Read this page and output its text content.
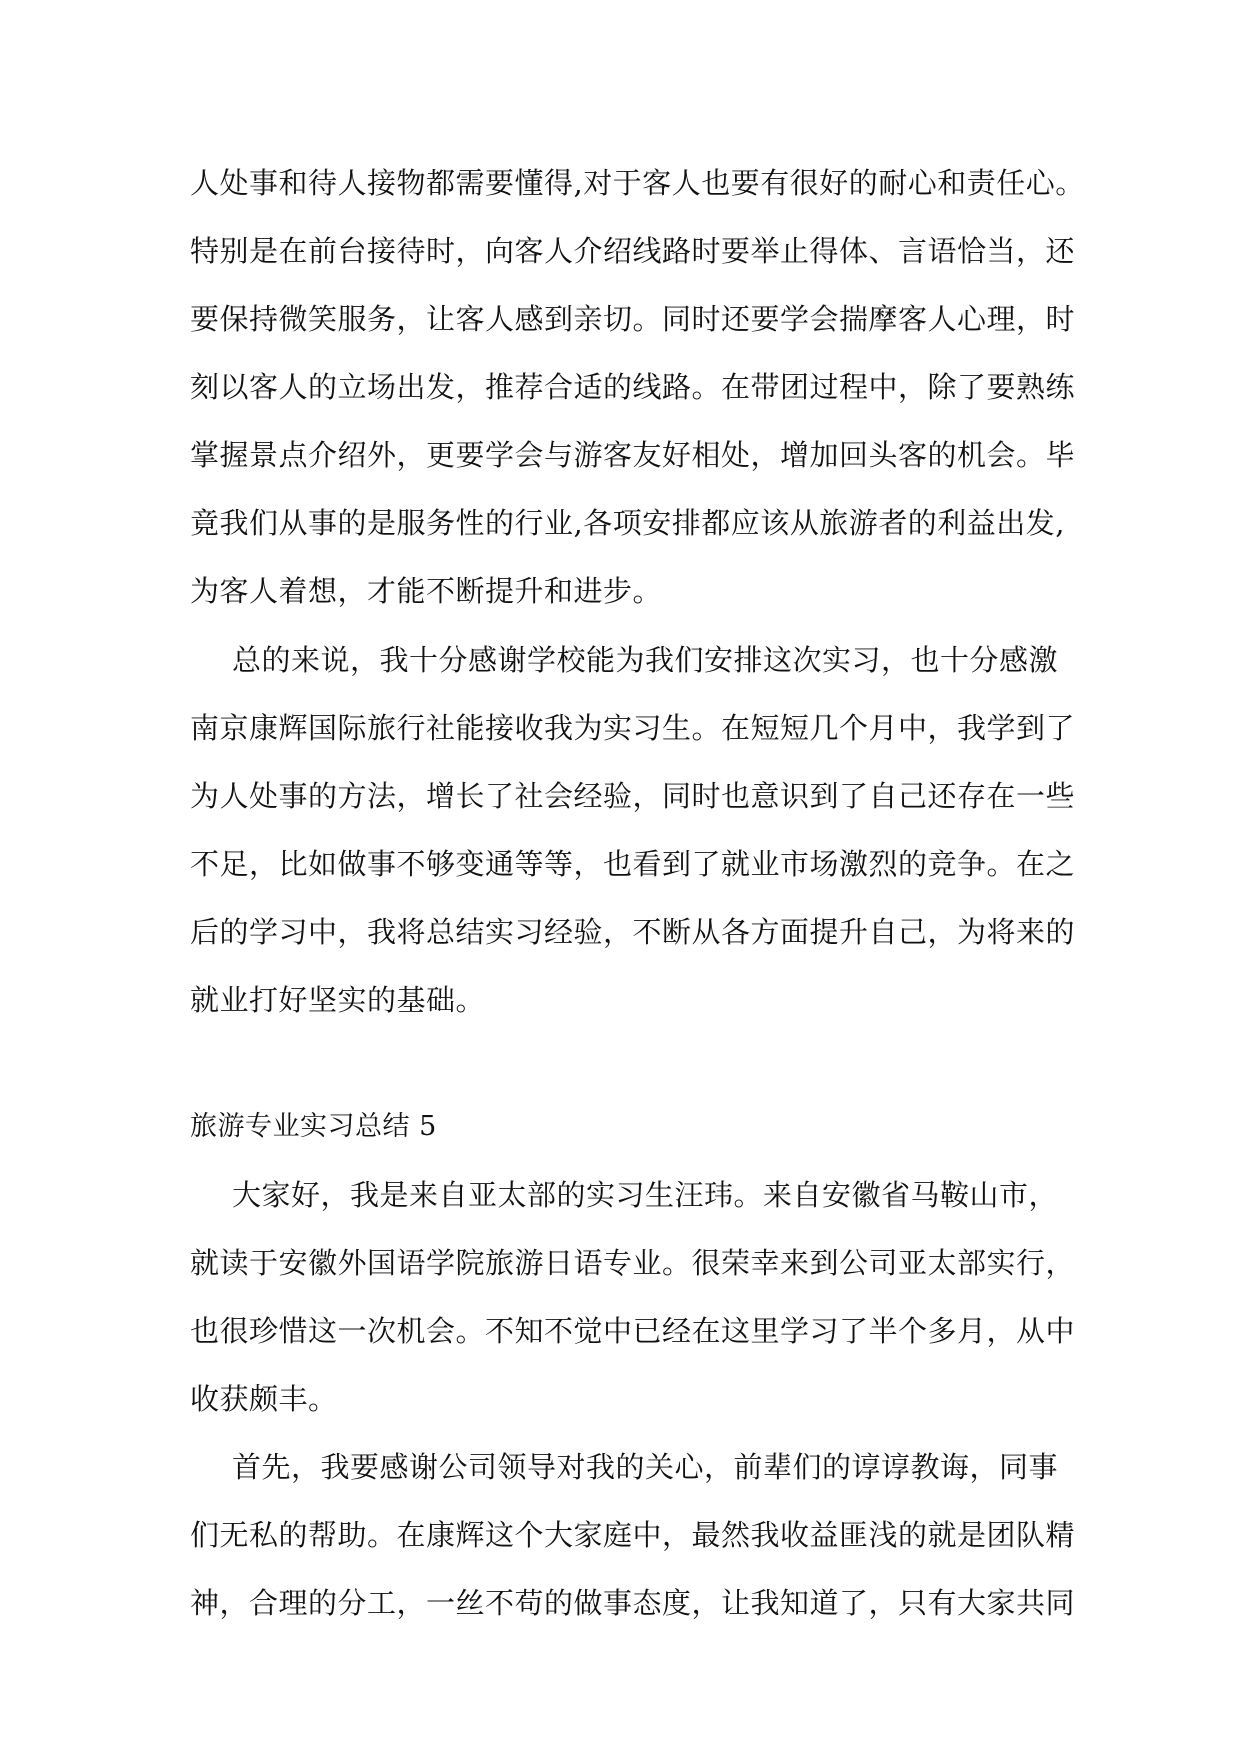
人处事和待人接物都需要懂得,对于客人也要有很好的耐心和责任心。
特别是在前台接待时，向客人介绍线路时要举止得体、言语恰当，还
要保持微笑服务，让客人感到亲切。同时还要学会揣摩客人心理，时
刻以客人的立场出发，推荐合适的线路。在带团过程中，除了要熟练
掌握景点介绍外，更要学会与游客友好相处，增加回头客的机会。毕
竟我们从事的是服务性的行业,各项安排都应该从旅游者的利益出发,
为客人着想，才能不断提升和进步。
总的来说，我十分感谢学校能为我们安排这次实习，也十分感激
南京康辉国际旅行社能接收我为实习生。在短短几个月中，我学到了
为人处事的方法，增长了社会经验，同时也意识到了自己还存在一些
不足，比如做事不够变通等等，也看到了就业市场激烈的竞争。在之
后的学习中，我将总结实习经验，不断从各方面提升自己，为将来的
就业打好坚实的基础。
旅游专业实习总结 5
大家好，我是来自亚太部的实习生汪玮。来自安徽省马鞍山市，
就读于安徽外国语学院旅游日语专业。很荣幸来到公司亚太部实行，
也很珍惜这一次机会。不知不觉中已经在这里学习了半个多月，从中
收获颇丰。
首先，我要感谢公司领导对我的关心，前辈们的谆谆教诲，同事
们无私的帮助。在康辉这个大家庭中，最然我收益匪浅的就是团队精
神，合理的分工，一丝不苟的做事态度，让我知道了，只有大家共同
